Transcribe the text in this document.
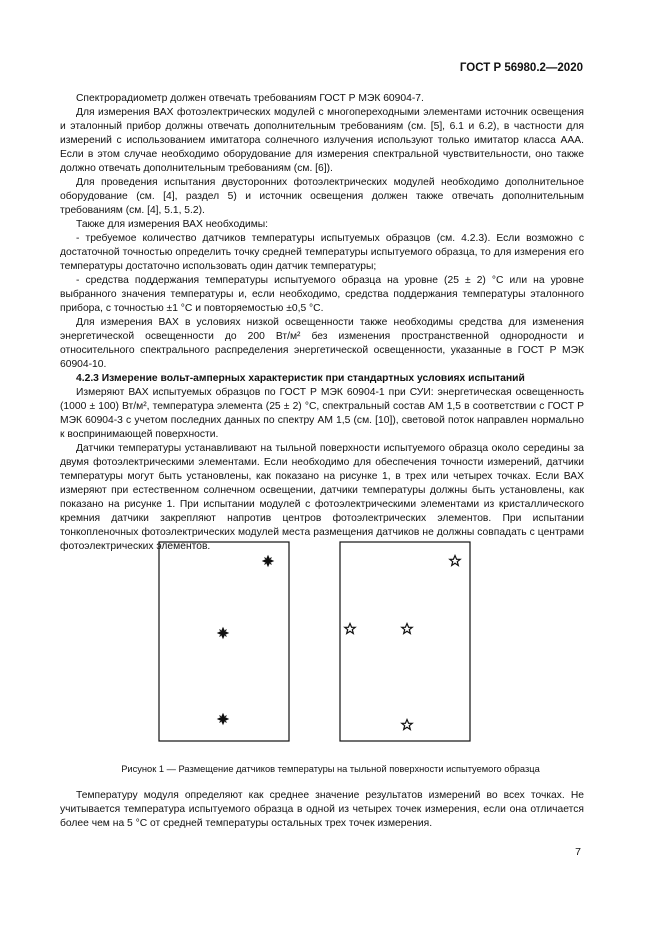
ГОСТ Р 56980.2—2020

Спектрорадиометр должен отвечать требованиям ГОСТ Р МЭК 60904-7.

Для измерения ВАХ фотоэлектрических модулей с многопереходными элементами источник освещения и эталонный прибор должны отвечать дополнительным требованиям (см. [5], 6.1 и 6.2), в частности для измерений с использованием имитатора солнечного излучения используют только имитатор класса ААА. Если в этом случае необходимо оборудование для измерения спектральной чувствительности, оно также должно отвечать дополнительным требованиям (см. [6]).

Для проведения испытания двусторонних фотоэлектрических модулей необходимо дополнительное оборудование (см. [4], раздел 5) и источник освещения должен также отвечать дополнительным требованиям (см. [4], 5.1, 5.2).

Также для измерения ВАХ необходимы:

- требуемое количество датчиков температуры испытуемых образцов (см. 4.2.3). Если возможно с достаточной точностью определить точку средней температуры испытуемого образца, то для измерения его температуры достаточно использовать один датчик температуры;

- средства поддержания температуры испытуемого образца на уровне (25 ± 2) °С или на уровне выбранного значения температуры и, если необходимо, средства поддержания температуры эталонного прибора, с точностью ±1 °С и повторяемостью ±0,5 °С.

Для измерения ВАХ в условиях низкой освещенности также необходимы средства для изменения энергетической освещенности до 200 Вт/м² без изменения пространственной однородности и относительного спектрального распределения энергетической освещенности, указанные в ГОСТ Р МЭК 60904-10.

4.2.3 Измерение вольт-амперных характеристик при стандартных условиях испытаний

Измеряют ВАХ испытуемых образцов по ГОСТ Р МЭК 60904-1 при СУИ: энергетическая освещенность (1000 ± 100) Вт/м², температура элемента (25 ± 2) °С, спектральный состав АМ 1,5 в соответствии с ГОСТ Р МЭК 60904-3 с учетом последних данных по спектру АМ 1,5 (см. [10]), световой поток направлен нормально к воспринимающей поверхности.

Датчики температуры устанавливают на тыльной поверхности испытуемого образца около середины за двумя фотоэлектрическими элементами. Если необходимо для обеспечения точности измерений, датчики температуры могут быть установлены, как показано на рисунке 1, в трех или четырех точках. Если ВАХ измеряют при естественном солнечном освещении, датчики температуры должны быть установлены, как показано на рисунке 1. При испытании модулей с фотоэлектрическими элементами из кристаллического кремния датчики закрепляют напротив центров фотоэлектрических элементов. При испытании тонкопленочных фотоэлектрических модулей места размещения датчиков не должны совпадать с центрами фотоэлектрических элементов.

Рисунок 1 — Размещение датчиков температуры на тыльной поверхности испытуемого образца

Температуру модуля определяют как среднее значение результатов измерений во всех точках. Не учитывается температура испытуемого образца в одной из четырех точек измерения, если она отличается более чем на 5 °С от средней температуры остальных трех точек измерения.

7
